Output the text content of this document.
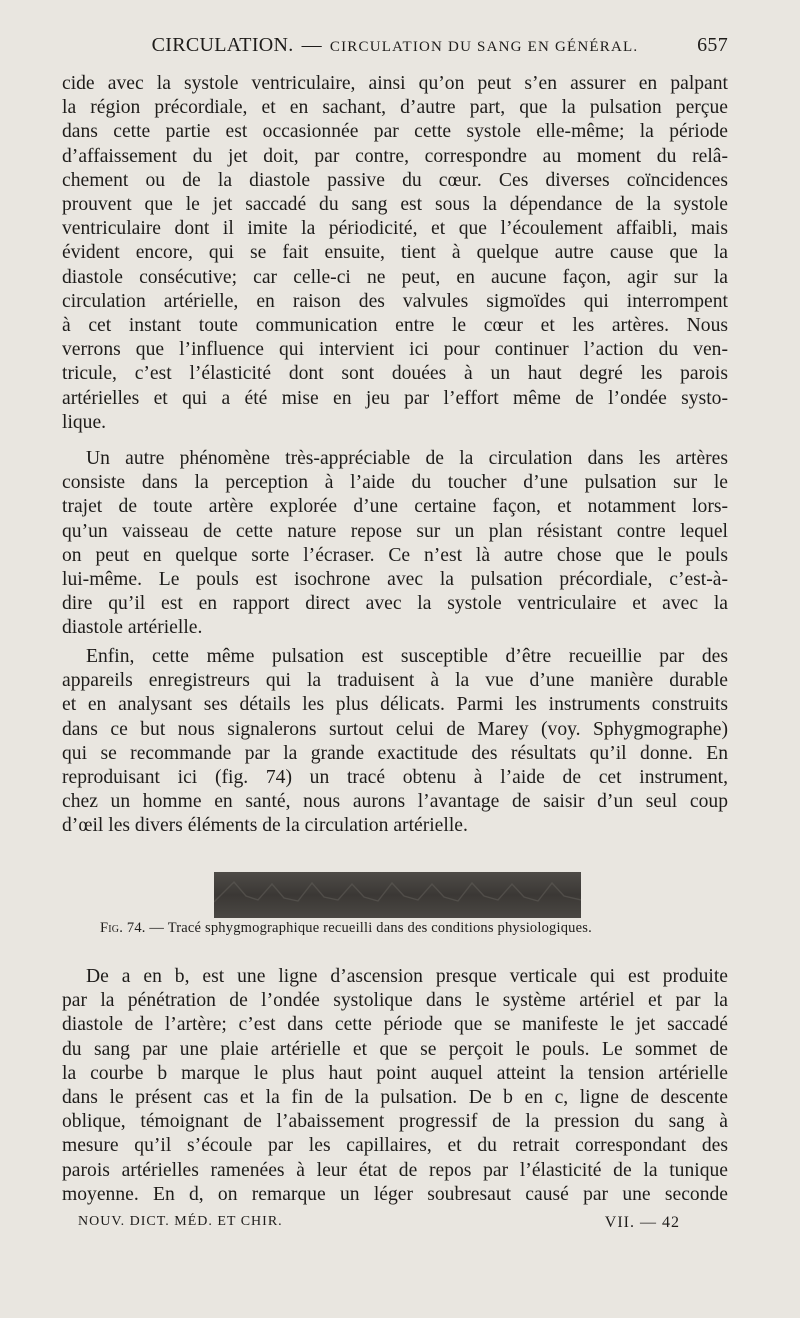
CIRCULATION. — CIRCULATION DU SANG EN GÉNÉRAL.	657
cide avec la systole ventriculaire, ainsi qu’on peut s’en assurer en palpant
la région précordiale, et en sachant, d’autre part, que la pulsation perçue
dans cette partie est occasionnée par cette systole elle-même; la période
d’affaissement du jet doit, par contre, correspondre au moment du relâ-
chement ou de la diastole passive du cœur. Ces diverses coïncidences
prouvent que le jet saccadé du sang est sous la dépendance de la systole
ventriculaire dont il imite la périodicité, et que l’écoulement affaibli, mais
évident encore, qui se fait ensuite, tient à quelque autre cause que la
diastole consécutive; car celle-ci ne peut, en aucune façon, agir sur la
circulation artérielle, en raison des valvules sigmoïdes qui interrompent
à cet instant toute communication entre le cœur et les artères. Nous
verrons que l’influence qui intervient ici pour continuer l’action du ven-
tricule, c’est l’élasticité dont sont douées à un haut degré les parois
artérielles et qui a été mise en jeu par l’effort même de l’ondée systo-
lique.
Un autre phénomène très-appréciable de la circulation dans les artères
consiste dans la perception à l’aide du toucher d’une pulsation sur le
trajet de toute artère explorée d’une certaine façon, et notamment lors-
qu’un vaisseau de cette nature repose sur un plan résistant contre lequel
on peut en quelque sorte l’écraser. Ce n’est là autre chose que le pouls
lui-même. Le pouls est isochrone avec la pulsation précordiale, c’est-à-
dire qu’il est en rapport direct avec la systole ventriculaire et avec la
diastole artérielle.
Enfin, cette même pulsation est susceptible d’être recueillie par des
appareils enregistreurs qui la traduisent à la vue d’une manière durable
et en analysant ses détails les plus délicats. Parmi les instruments construits
dans ce but nous signalerons surtout celui de Marey (voy. Sphygmographe)
qui se recommande par la grande exactitude des résultats qu’il donne. En
reproduisant ici (fig. 74) un tracé obtenu à l’aide de cet instrument,
chez un homme en santé, nous aurons l’avantage de saisir d’un seul coup
d’œil les divers éléments de la circulation artérielle.
Fig. 74. — Tracé sphygmographique recueilli dans des conditions physiologiques.
De a en b, est une ligne d’ascension presque verticale qui est produite
par la pénétration de l’ondée systolique dans le système artériel et par la
diastole de l’artère; c’est dans cette période que se manifeste le jet saccadé
du sang par une plaie artérielle et que se perçoit le pouls. Le sommet de
la courbe b marque le plus haut point auquel atteint la tension artérielle
dans le présent cas et la fin de la pulsation. De b en c, ligne de descente
oblique, témoignant de l’abaissement progressif de la pression du sang à
mesure qu’il s’écoule par les capillaires, et du retrait correspondant des
parois artérielles ramenées à leur état de repos par l’élasticité de la tunique
moyenne. En d, on remarque un léger soubresaut causé par une seconde
NOUV. DICT. MÉD. ET CHIR.	VII. — 42
